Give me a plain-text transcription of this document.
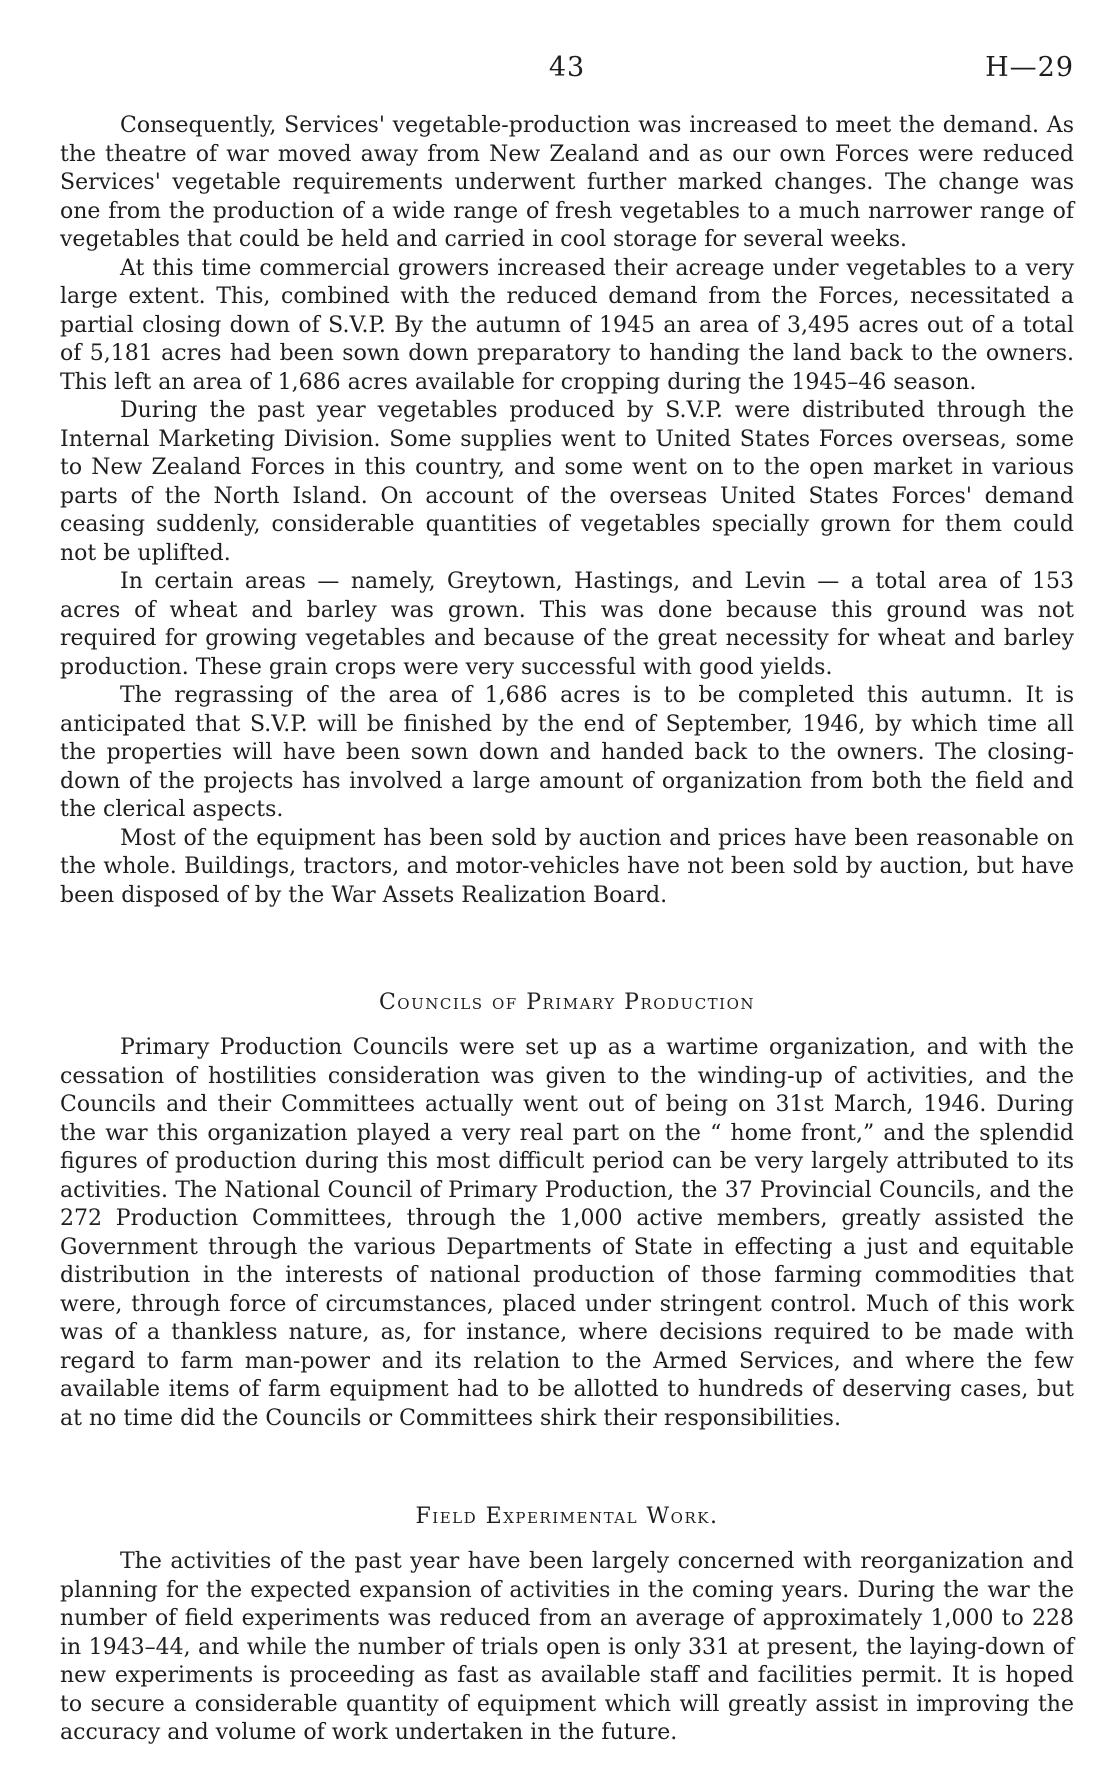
43	H—29

Consequently, Services' vegetable-production was increased to meet the demand. As the theatre of war moved away from New Zealand and as our own Forces were reduced Services' vegetable requirements underwent further marked changes. The change was one from the production of a wide range of fresh vegetables to a much narrower range of vegetables that could be held and carried in cool storage for several weeks.

At this time commercial growers increased their acreage under vegetables to a very large extent. This, combined with the reduced demand from the Forces, necessitated a partial closing down of S.V.P. By the autumn of 1945 an area of 3,495 acres out of a total of 5,181 acres had been sown down preparatory to handing the land back to the owners. This left an area of 1,686 acres available for cropping during the 1945–46 season.

During the past year vegetables produced by S.V.P. were distributed through the Internal Marketing Division. Some supplies went to United States Forces overseas, some to New Zealand Forces in this country, and some went on to the open market in various parts of the North Island. On account of the overseas United States Forces' demand ceasing suddenly, considerable quantities of vegetables specially grown for them could not be uplifted.

In certain areas — namely, Greytown, Hastings, and Levin — a total area of 153 acres of wheat and barley was grown. This was done because this ground was not required for growing vegetables and because of the great necessity for wheat and barley production. These grain crops were very successful with good yields.

The regrassing of the area of 1,686 acres is to be completed this autumn. It is anticipated that S.V.P. will be finished by the end of September, 1946, by which time all the properties will have been sown down and handed back to the owners. The closing-down of the projects has involved a large amount of organization from both the field and the clerical aspects.

Most of the equipment has been sold by auction and prices have been reasonable on the whole. Buildings, tractors, and motor-vehicles have not been sold by auction, but have been disposed of by the War Assets Realization Board.

Councils of Primary Production

Primary Production Councils were set up as a wartime organization, and with the cessation of hostilities consideration was given to the winding-up of activities, and the Councils and their Committees actually went out of being on 31st March, 1946. During the war this organization played a very real part on the “ home front,” and the splendid figures of production during this most difficult period can be very largely attributed to its activities. The National Council of Primary Production, the 37 Provincial Councils, and the 272 Production Committees, through the 1,000 active members, greatly assisted the Government through the various Departments of State in effecting a just and equitable distribution in the interests of national production of those farming commodities that were, through force of circumstances, placed under stringent control. Much of this work was of a thankless nature, as, for instance, where decisions required to be made with regard to farm man-power and its relation to the Armed Services, and where the few available items of farm equipment had to be allotted to hundreds of deserving cases, but at no time did the Councils or Committees shirk their responsibilities.

Field Experimental Work.

The activities of the past year have been largely concerned with reorganization and planning for the expected expansion of activities in the coming years. During the war the number of field experiments was reduced from an average of approximately 1,000 to 228 in 1943–44, and while the number of trials open is only 331 at present, the laying-down of new experiments is proceeding as fast as available staff and facilities permit. It is hoped to secure a considerable quantity of equipment which will greatly assist in improving the accuracy and volume of work undertaken in the future.
